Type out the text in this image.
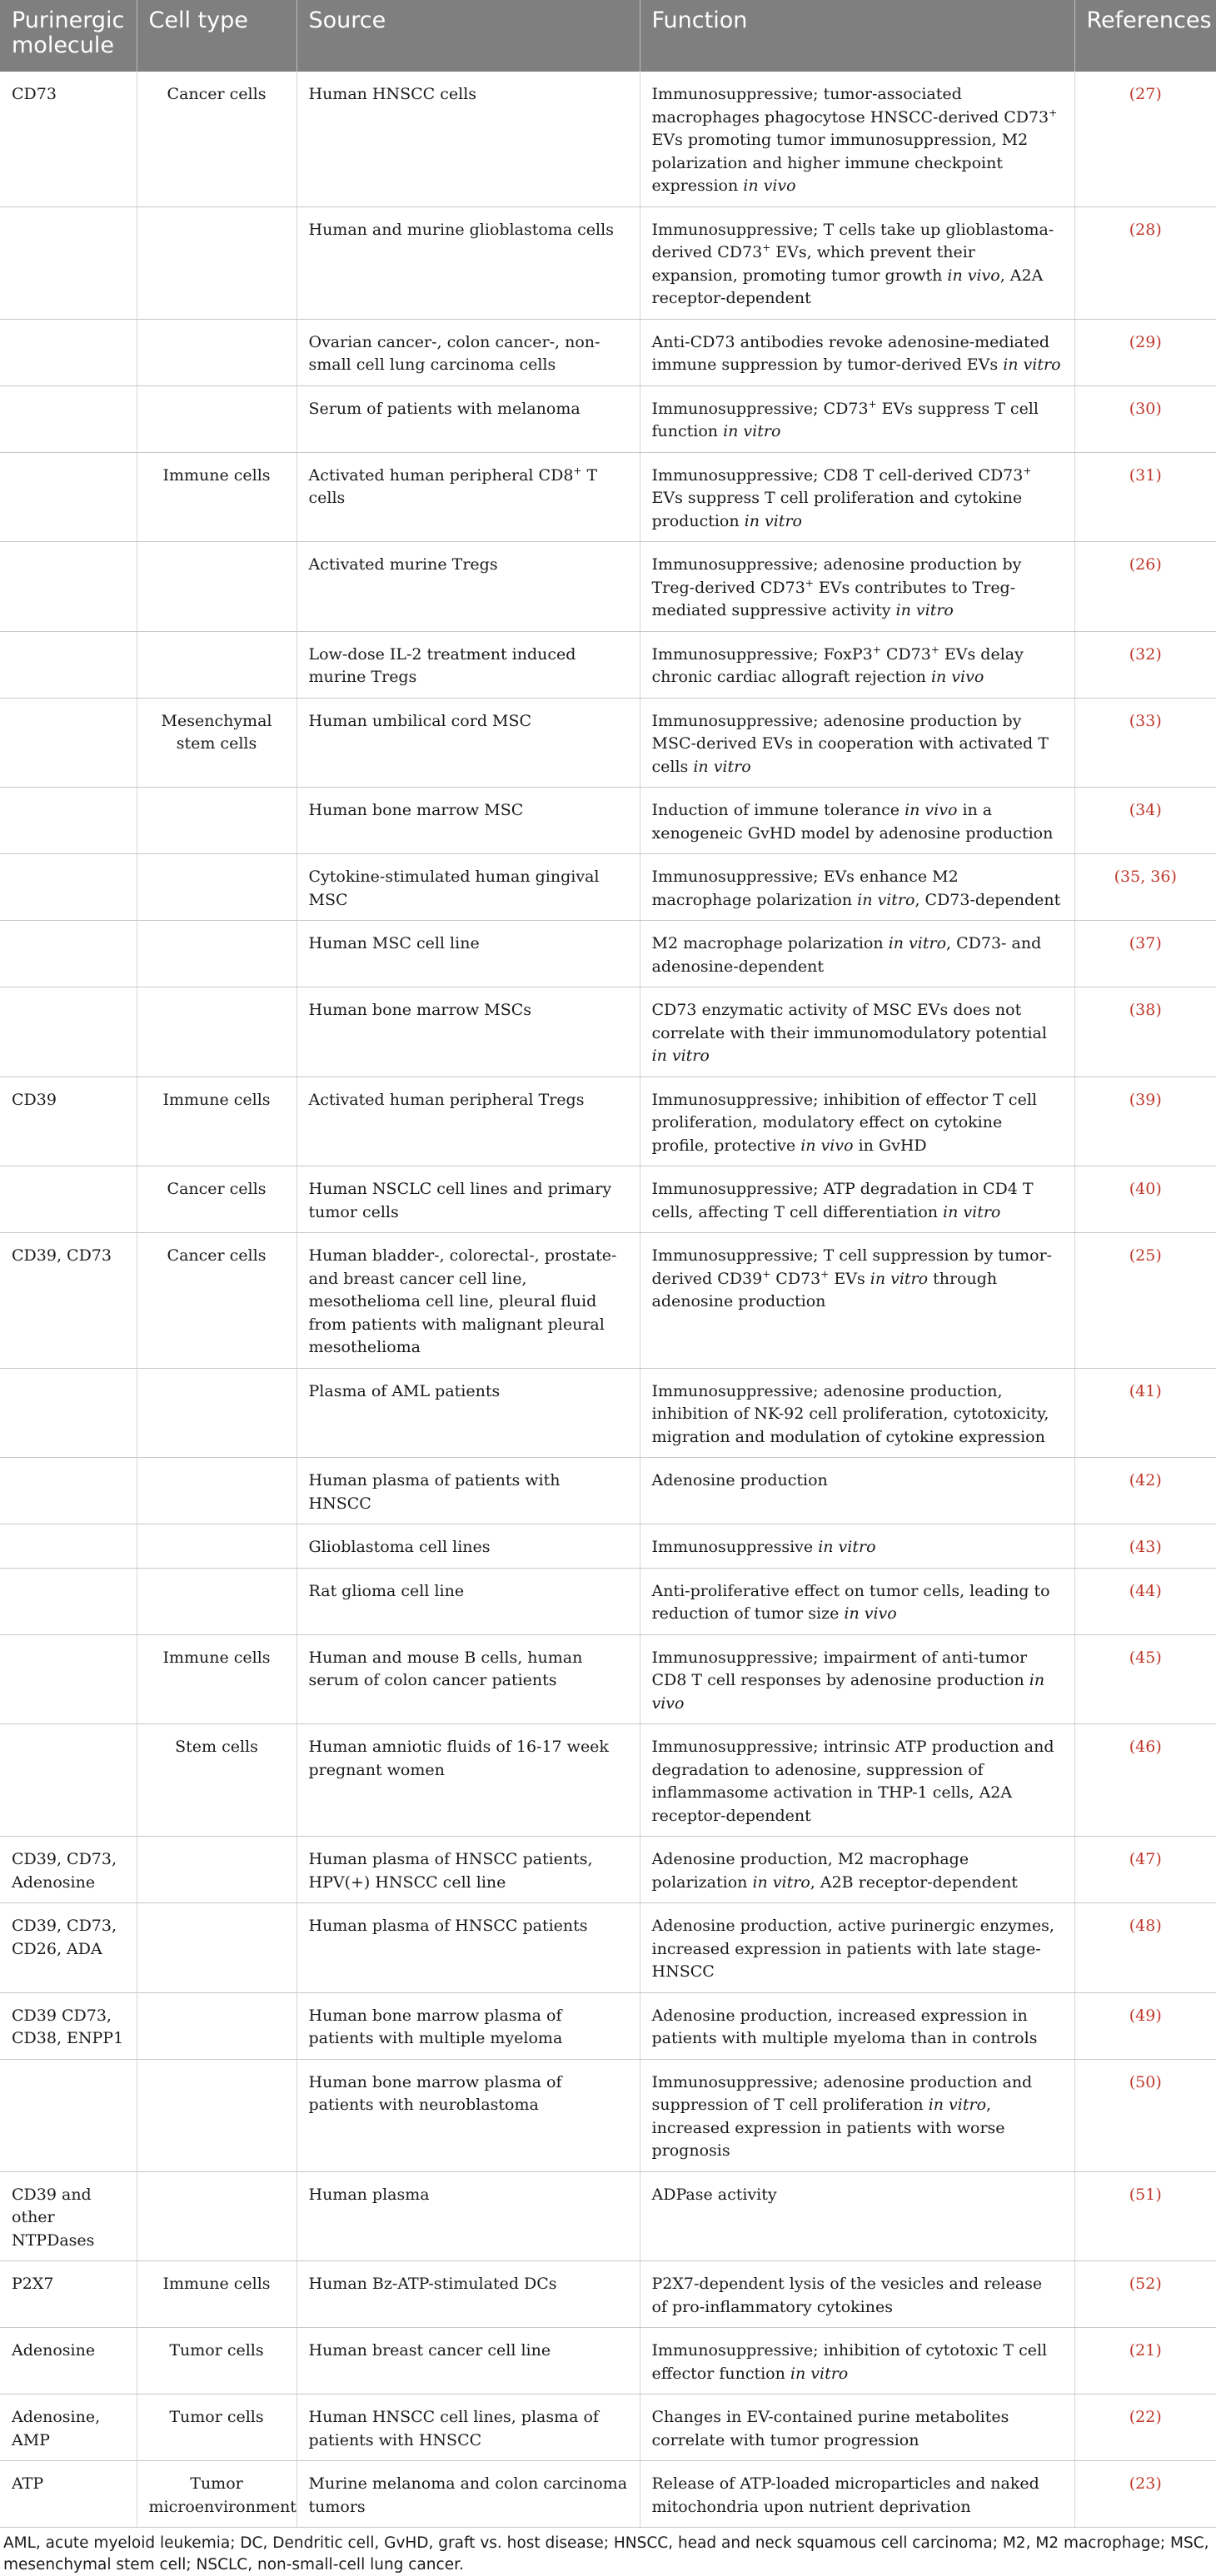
Purinergic molecule	Cell type	Source	Function	References
CD73	Cancer cells	Human HNSCC cells	Immunosuppressive; tumor-associated macrophages phagocytose HNSCC-derived CD73+ EVs promoting tumor immunosuppression, M2 polarization and higher immune checkpoint expression in vivo	(27)
		Human and murine glioblastoma cells	Immunosuppressive; T cells take up glioblastoma-derived CD73+ EVs, which prevent their expansion, promoting tumor growth in vivo, A2A receptor-dependent	(28)
		Ovarian cancer-, colon cancer-, non-small cell lung carcinoma cells	Anti-CD73 antibodies revoke adenosine-mediated immune suppression by tumor-derived EVs in vitro	(29)
		Serum of patients with melanoma	Immunosuppressive; CD73+ EVs suppress T cell function in vitro	(30)
	Immune cells	Activated human peripheral CD8+ T cells	Immunosuppressive; CD8 T cell-derived CD73+ EVs suppress T cell proliferation and cytokine production in vitro	(31)
		Activated murine Tregs	Immunosuppressive; adenosine production by Treg-derived CD73+ EVs contributes to Treg-mediated suppressive activity in vitro	(26)
		Low-dose IL-2 treatment induced murine Tregs	Immunosuppressive; FoxP3+ CD73+ EVs delay chronic cardiac allograft rejection in vivo	(32)
	Mesenchymal stem cells	Human umbilical cord MSC	Immunosuppressive; adenosine production by MSC-derived EVs in cooperation with activated T cells in vitro	(33)
		Human bone marrow MSC	Induction of immune tolerance in vivo in a xenogeneic GvHD model by adenosine production	(34)
		Cytokine-stimulated human gingival MSC	Immunosuppressive; EVs enhance M2 macrophage polarization in vitro, CD73-dependent	(35, 36)
		Human MSC cell line	M2 macrophage polarization in vitro, CD73- and adenosine-dependent	(37)
		Human bone marrow MSCs	CD73 enzymatic activity of MSC EVs does not correlate with their immunomodulatory potential in vitro	(38)
CD39	Immune cells	Activated human peripheral Tregs	Immunosuppressive; inhibition of effector T cell proliferation, modulatory effect on cytokine profile, protective in vivo in GvHD	(39)
	Cancer cells	Human NSCLC cell lines and primary tumor cells	Immunosuppressive; ATP degradation in CD4 T cells, affecting T cell differentiation in vitro	(40)
CD39, CD73	Cancer cells	Human bladder-, colorectal-, prostate- and breast cancer cell line, mesothelioma cell line, pleural fluid from patients with malignant pleural mesothelioma	Immunosuppressive; T cell suppression by tumor-derived CD39+ CD73+ EVs in vitro through adenosine production	(25)
		Plasma of AML patients	Immunosuppressive; adenosine production, inhibition of NK-92 cell proliferation, cytotoxicity, migration and modulation of cytokine expression	(41)
		Human plasma of patients with HNSCC	Adenosine production	(42)
		Glioblastoma cell lines	Immunosuppressive in vitro	(43)
		Rat glioma cell line	Anti-proliferative effect on tumor cells, leading to reduction of tumor size in vivo	(44)
	Immune cells	Human and mouse B cells, human serum of colon cancer patients	Immunosuppressive; impairment of anti-tumor CD8 T cell responses by adenosine production in vivo	(45)
	Stem cells	Human amniotic fluids of 16-17 week pregnant women	Immunosuppressive; intrinsic ATP production and degradation to adenosine, suppression of inflammasome activation in THP-1 cells, A2A receptor-dependent	(46)
CD39, CD73, Adenosine		Human plasma of HNSCC patients, HPV(+) HNSCC cell line	Adenosine production, M2 macrophage polarization in vitro, A2B receptor-dependent	(47)
CD39, CD73, CD26, ADA		Human plasma of HNSCC patients	Adenosine production, active purinergic enzymes, increased expression in patients with late stage-HNSCC	(48)
CD39 CD73, CD38, ENPP1		Human bone marrow plasma of patients with multiple myeloma	Adenosine production, increased expression in patients with multiple myeloma than in controls	(49)
		Human bone marrow plasma of patients with neuroblastoma	Immunosuppressive; adenosine production and suppression of T cell proliferation in vitro, increased expression in patients with worse prognosis	(50)
CD39 and other NTPDases		Human plasma	ADPase activity	(51)
P2X7	Immune cells	Human Bz-ATP-stimulated DCs	P2X7-dependent lysis of the vesicles and release of pro-inflammatory cytokines	(52)
Adenosine	Tumor cells	Human breast cancer cell line	Immunosuppressive; inhibition of cytotoxic T cell effector function in vitro	(21)
Adenosine, AMP	Tumor cells	Human HNSCC cell lines, plasma of patients with HNSCC	Changes in EV-contained purine metabolites correlate with tumor progression	(22)
ATP	Tumor microenvironment	Murine melanoma and colon carcinoma tumors	Release of ATP-loaded microparticles and naked mitochondria upon nutrient deprivation	(23)
AML, acute myeloid leukemia; DC, Dendritic cell, GvHD, graft vs. host disease; HNSCC, head and neck squamous cell carcinoma; M2, M2 macrophage; MSC, mesenchymal stem cell; NSCLC, non-small-cell lung cancer.
